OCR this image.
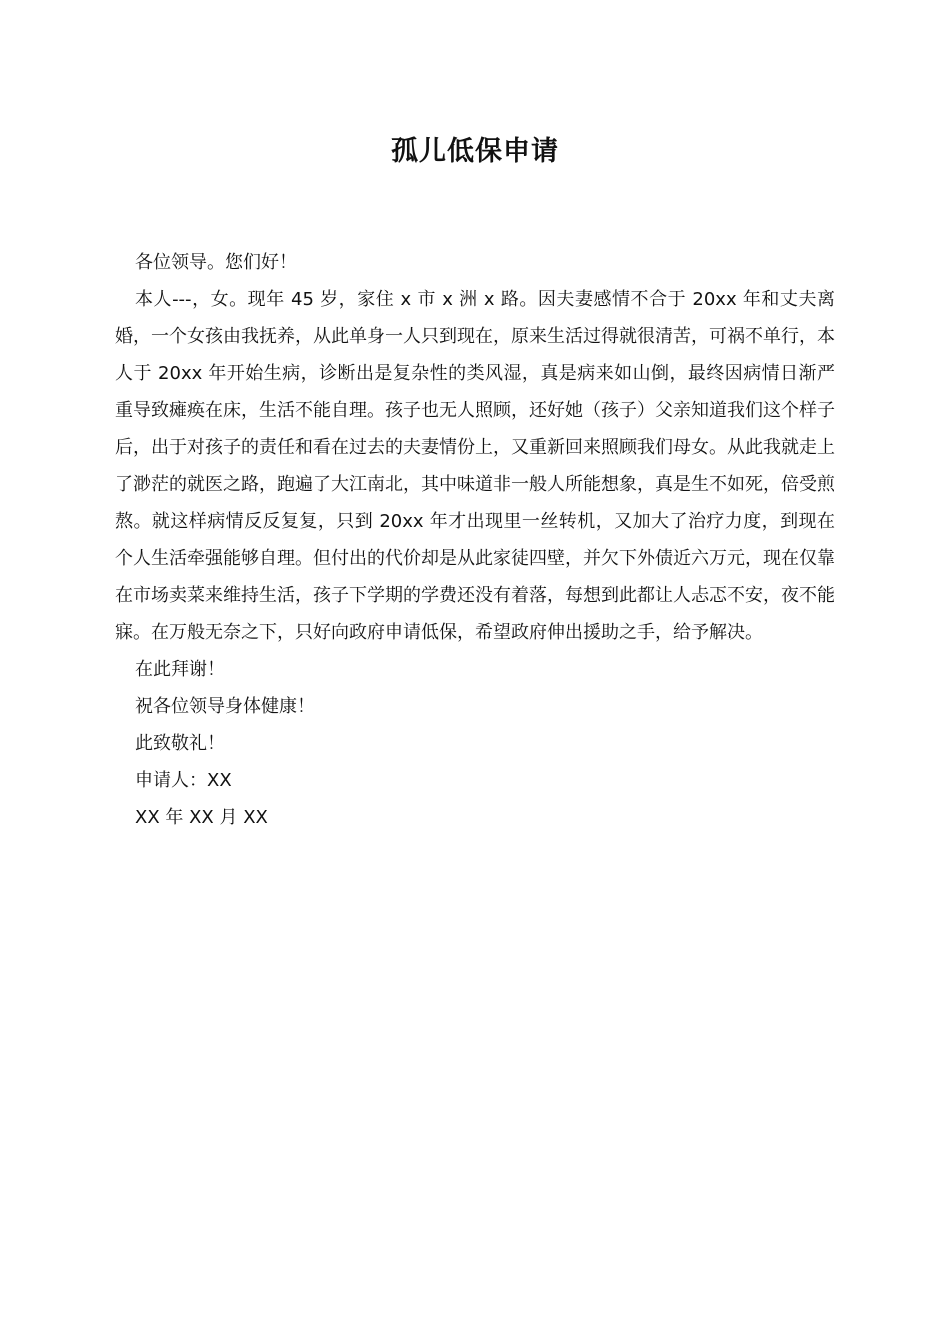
孤儿低保申请

各位领导。您们好！

本人---，女。现年 45 岁，家住 x 市 x 洲 x 路。因夫妻感情不合于 20xx 年和丈夫离婚，一个女孩由我抚养，从此单身一人只到现在，原来生活过得就很清苦，可祸不单行，本人于 20xx 年开始生病，诊断出是复杂性的类风湿，真是病来如山倒，最终因病情日渐严重导致瘫痪在床，生活不能自理。孩子也无人照顾，还好她（孩子）父亲知道我们这个样子后，出于对孩子的责任和看在过去的夫妻情份上，又重新回来照顾我们母女。从此我就走上了渺茫的就医之路，跑遍了大江南北，其中味道非一般人所能想象，真是生不如死，倍受煎熬。就这样病情反反复复，只到 20xx 年才出现里一丝转机，又加大了治疗力度，到现在个人生活牵强能够自理。但付出的代价却是从此家徒四壁，并欠下外债近六万元，现在仅靠在市场卖菜来维持生活，孩子下学期的学费还没有着落，每想到此都让人忐忑不安，夜不能寐。在万般无奈之下，只好向政府申请低保，希望政府伸出援助之手，给予解决。

在此拜谢！

祝各位领导身体健康！

此致敬礼！

申请人：XX

XX 年 XX 月 XX
